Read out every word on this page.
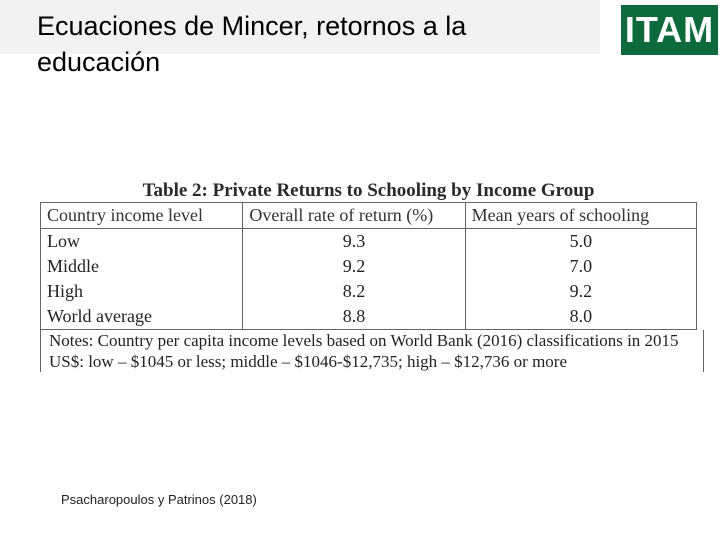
Ecuaciones de Mincer, retornos a la educación
ITAM
Table 2: Private Returns to Schooling by Income Group
Country income level	Overall rate of return (%)	Mean years of schooling
Low	9.3	5.0
Middle	9.2	7.0
High	8.2	9.2
World average	8.8	8.0
Notes: Country per capita income levels based on World Bank (2016) classifications in 2015 US$: low – $1045 or less; middle – $1046-$12,735; high – $12,736 or more
Psacharopoulos y Patrinos (2018)
